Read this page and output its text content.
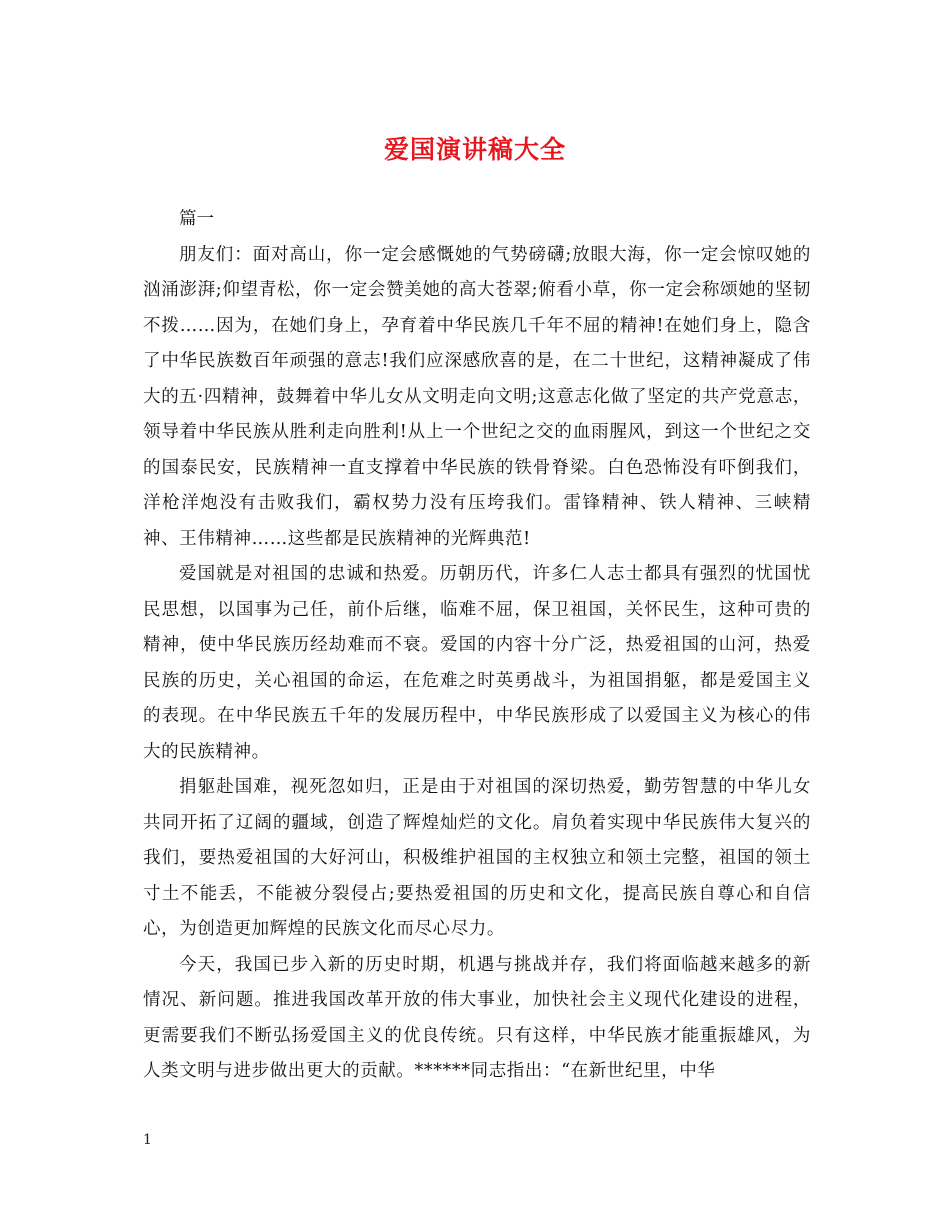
爱国演讲稿大全

篇一

朋友们：面对高山，你一定会感慨她的气势磅礴;放眼大海，你一定会惊叹她的汹涌澎湃;仰望青松，你一定会赞美她的高大苍翠;俯看小草，你一定会称颂她的坚韧不拨……因为，在她们身上，孕育着中华民族几千年不屈的精神!在她们身上，隐含了中华民族数百年顽强的意志!我们应深感欣喜的是，在二十世纪，这精神凝成了伟大的五·四精神，鼓舞着中华儿女从文明走向文明;这意志化做了坚定的共产党意志，领导着中华民族从胜利走向胜利!从上一个世纪之交的血雨腥风，到这一个世纪之交的国泰民安，民族精神一直支撑着中华民族的铁骨脊梁。白色恐怖没有吓倒我们，洋枪洋炮没有击败我们，霸权势力没有压垮我们。雷锋精神、铁人精神、三峡精神、王伟精神……这些都是民族精神的光辉典范!

爱国就是对祖国的忠诚和热爱。历朝历代，许多仁人志士都具有强烈的忧国忧民思想，以国事为己任，前仆后继，临难不屈，保卫祖国，关怀民生，这种可贵的精神，使中华民族历经劫难而不衰。爱国的内容十分广泛，热爱祖国的山河，热爱民族的历史，关心祖国的命运，在危难之时英勇战斗，为祖国捐躯，都是爱国主义的表现。在中华民族五千年的发展历程中，中华民族形成了以爱国主义为核心的伟大的民族精神。

捐躯赴国难，视死忽如归，正是由于对祖国的深切热爱，勤劳智慧的中华儿女共同开拓了辽阔的疆域，创造了辉煌灿烂的文化。肩负着实现中华民族伟大复兴的我们，要热爱祖国的大好河山，积极维护祖国的主权独立和领土完整，祖国的领土寸土不能丢，不能被分裂侵占;要热爱祖国的历史和文化，提高民族自尊心和自信心，为创造更加辉煌的民族文化而尽心尽力。

今天，我国已步入新的历史时期，机遇与挑战并存，我们将面临越来越多的新情况、新问题。推进我国改革开放的伟大事业，加快社会主义现代化建设的进程，更需要我们不断弘扬爱国主义的优良传统。只有这样，中华民族才能重振雄风，为人类文明与进步做出更大的贡献。******同志指出：“在新世纪里，中华

1
